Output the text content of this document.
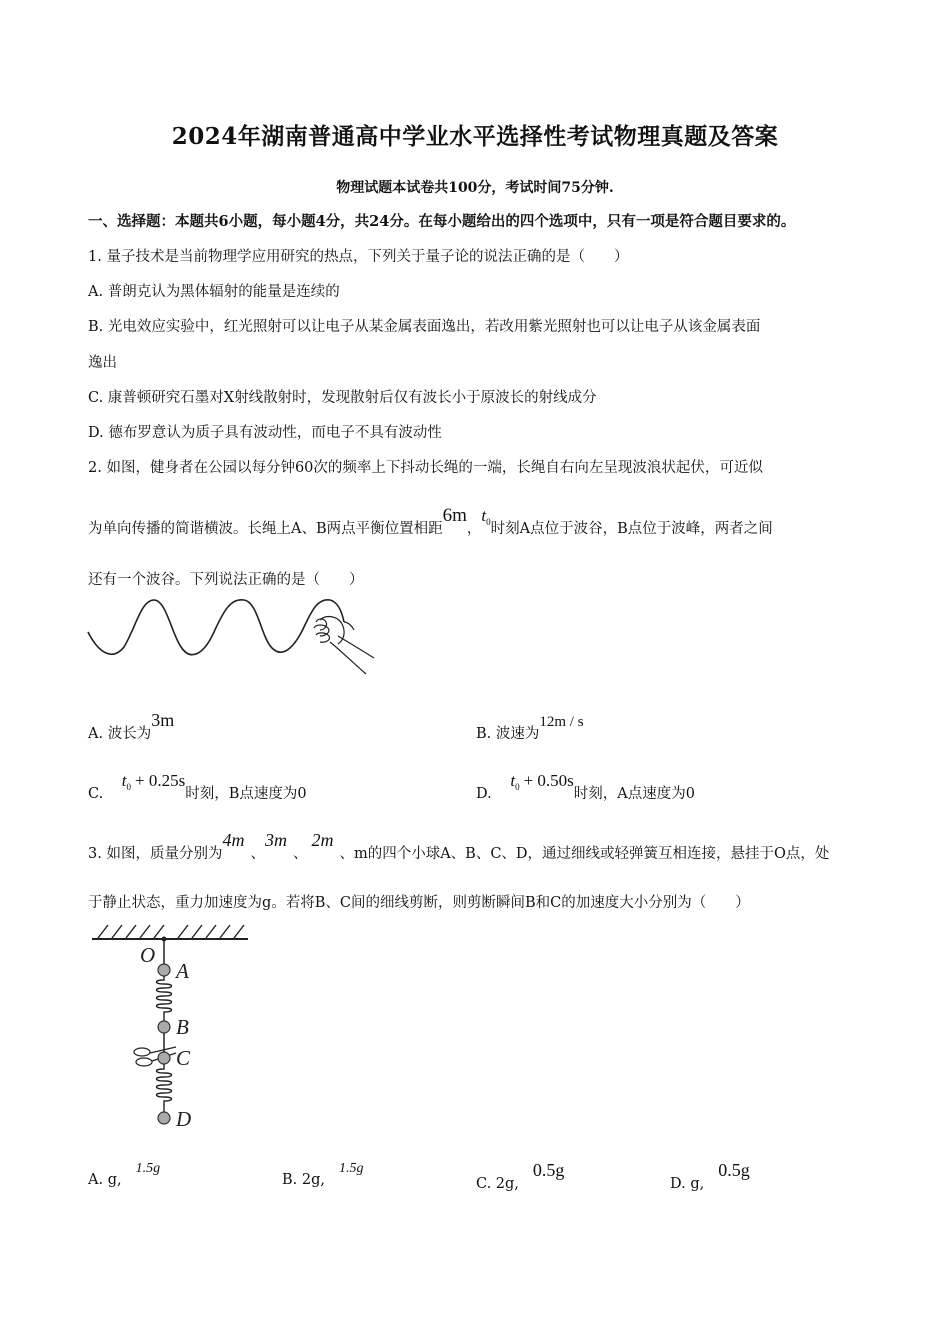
2024年湖南普通高中学业水平选择性考试物理真题及答案
物理试题本试卷共100分，考试时间75分钟.
一、选择题：本题共6小题，每小题4分，共24分。在每小题给出的四个选项中，只有一项是符合题目要求的。
1. 量子技术是当前物理学应用研究的热点，下列关于量子论的说法正确的是（　　）
A. 普朗克认为黑体辐射的能量是连续的
B. 光电效应实验中，红光照射可以让电子从某金属表面逸出，若改用紫光照射也可以让电子从该金属表面
逸出
C. 康普顿研究石墨对X射线散射时，发现散射后仅有波长小于原波长的射线成分
D. 德布罗意认为质子具有波动性，而电子不具有波动性
2. 如图，健身者在公园以每分钟60次的频率上下抖动长绳的一端，长绳自右向左呈现波浪状起伏，可近似
为单向传播的简谐横波。长绳上A、B两点平衡位置相距6m，$t^0$时刻A点位于波谷，B点位于波峰，两者之间
还有一个波谷。下列说法正确的是（　　）
A. 波长为3m
B. 波速为12m / s
C. $t^0 + 0.25s$时刻，B点速度为0	D. $t^0 + 0.50s$时刻，A点速度为0
3. 如图，质量分别为4m、3m、2m、m的四个小球A、B、C、D，通过细线或轻弹簧互相连接，悬挂于O点，处
于静止状态，重力加速度为g。若将B、C间的细线剪断，则剪断瞬间B和C的加速度大小分别为（　　）
O
A
B
C
D
A. g,1.5g
B. 2g,1.5g
C. 2g,0.5g
D. g,0.5g
